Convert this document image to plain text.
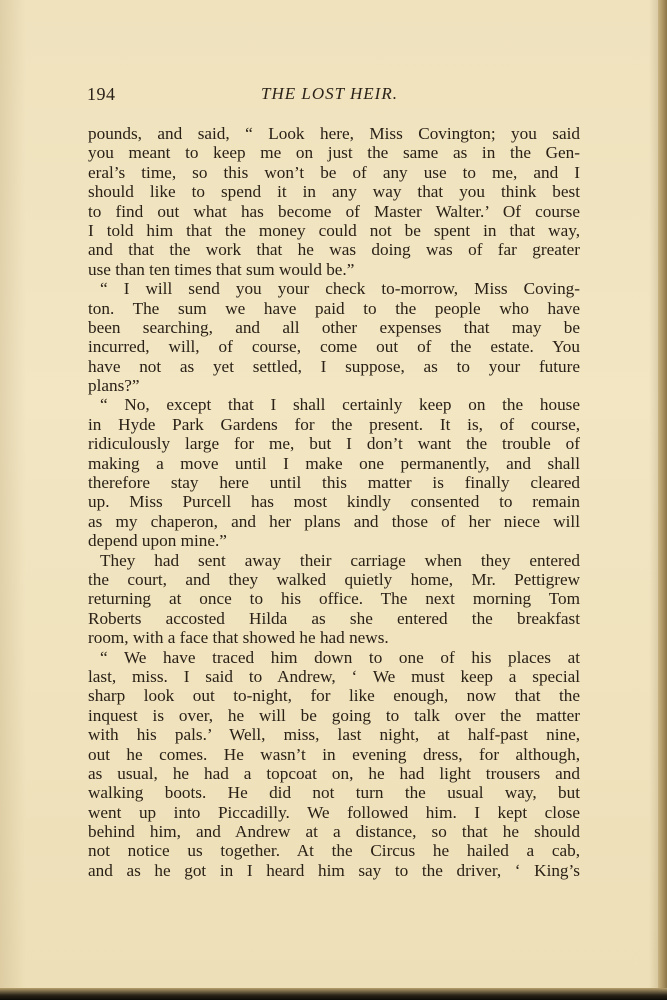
194	THE LOST HEIR.
pounds, and said, “ Look here, Miss Covington; you said
you meant to keep me on just the same as in the Gen-
eral’s time, so this won’t be of any use to me, and I
should like to spend it in any way that you think best
to find out what has become of Master Walter.’ Of course
I told him that the money could not be spent in that way,
and that the work that he was doing was of far greater
use than ten times that sum would be.”
“ I will send you your check to-morrow, Miss Coving-
ton. The sum we have paid to the people who have
been searching, and all other expenses that may be
incurred, will, of course, come out of the estate. You
have not as yet settled, I suppose, as to your future
plans?”
“ No, except that I shall certainly keep on the house
in Hyde Park Gardens for the present. It is, of course,
ridiculously large for me, but I don’t want the trouble of
making a move until I make one permanently, and shall
therefore stay here until this matter is finally cleared
up. Miss Purcell has most kindly consented to remain
as my chaperon, and her plans and those of her niece will
depend upon mine.”
They had sent away their carriage when they entered
the court, and they walked quietly home, Mr. Pettigrew
returning at once to his office. The next morning Tom
Roberts accosted Hilda as she entered the breakfast
room, with a face that showed he had news.
“ We have traced him down to one of his places at
last, miss. I said to Andrew, ‘ We must keep a special
sharp look out to-night, for like enough, now that the
inquest is over, he will be going to talk over the matter
with his pals.’ Well, miss, last night, at half-past nine,
out he comes. He wasn’t in evening dress, for although,
as usual, he had a topcoat on, he had light trousers and
walking boots. He did not turn the usual way, but
went up into Piccadilly. We followed him. I kept close
behind him, and Andrew at a distance, so that he should
not notice us together. At the Circus he hailed a cab,
and as he got in I heard him say to the driver, ‘ King’s
